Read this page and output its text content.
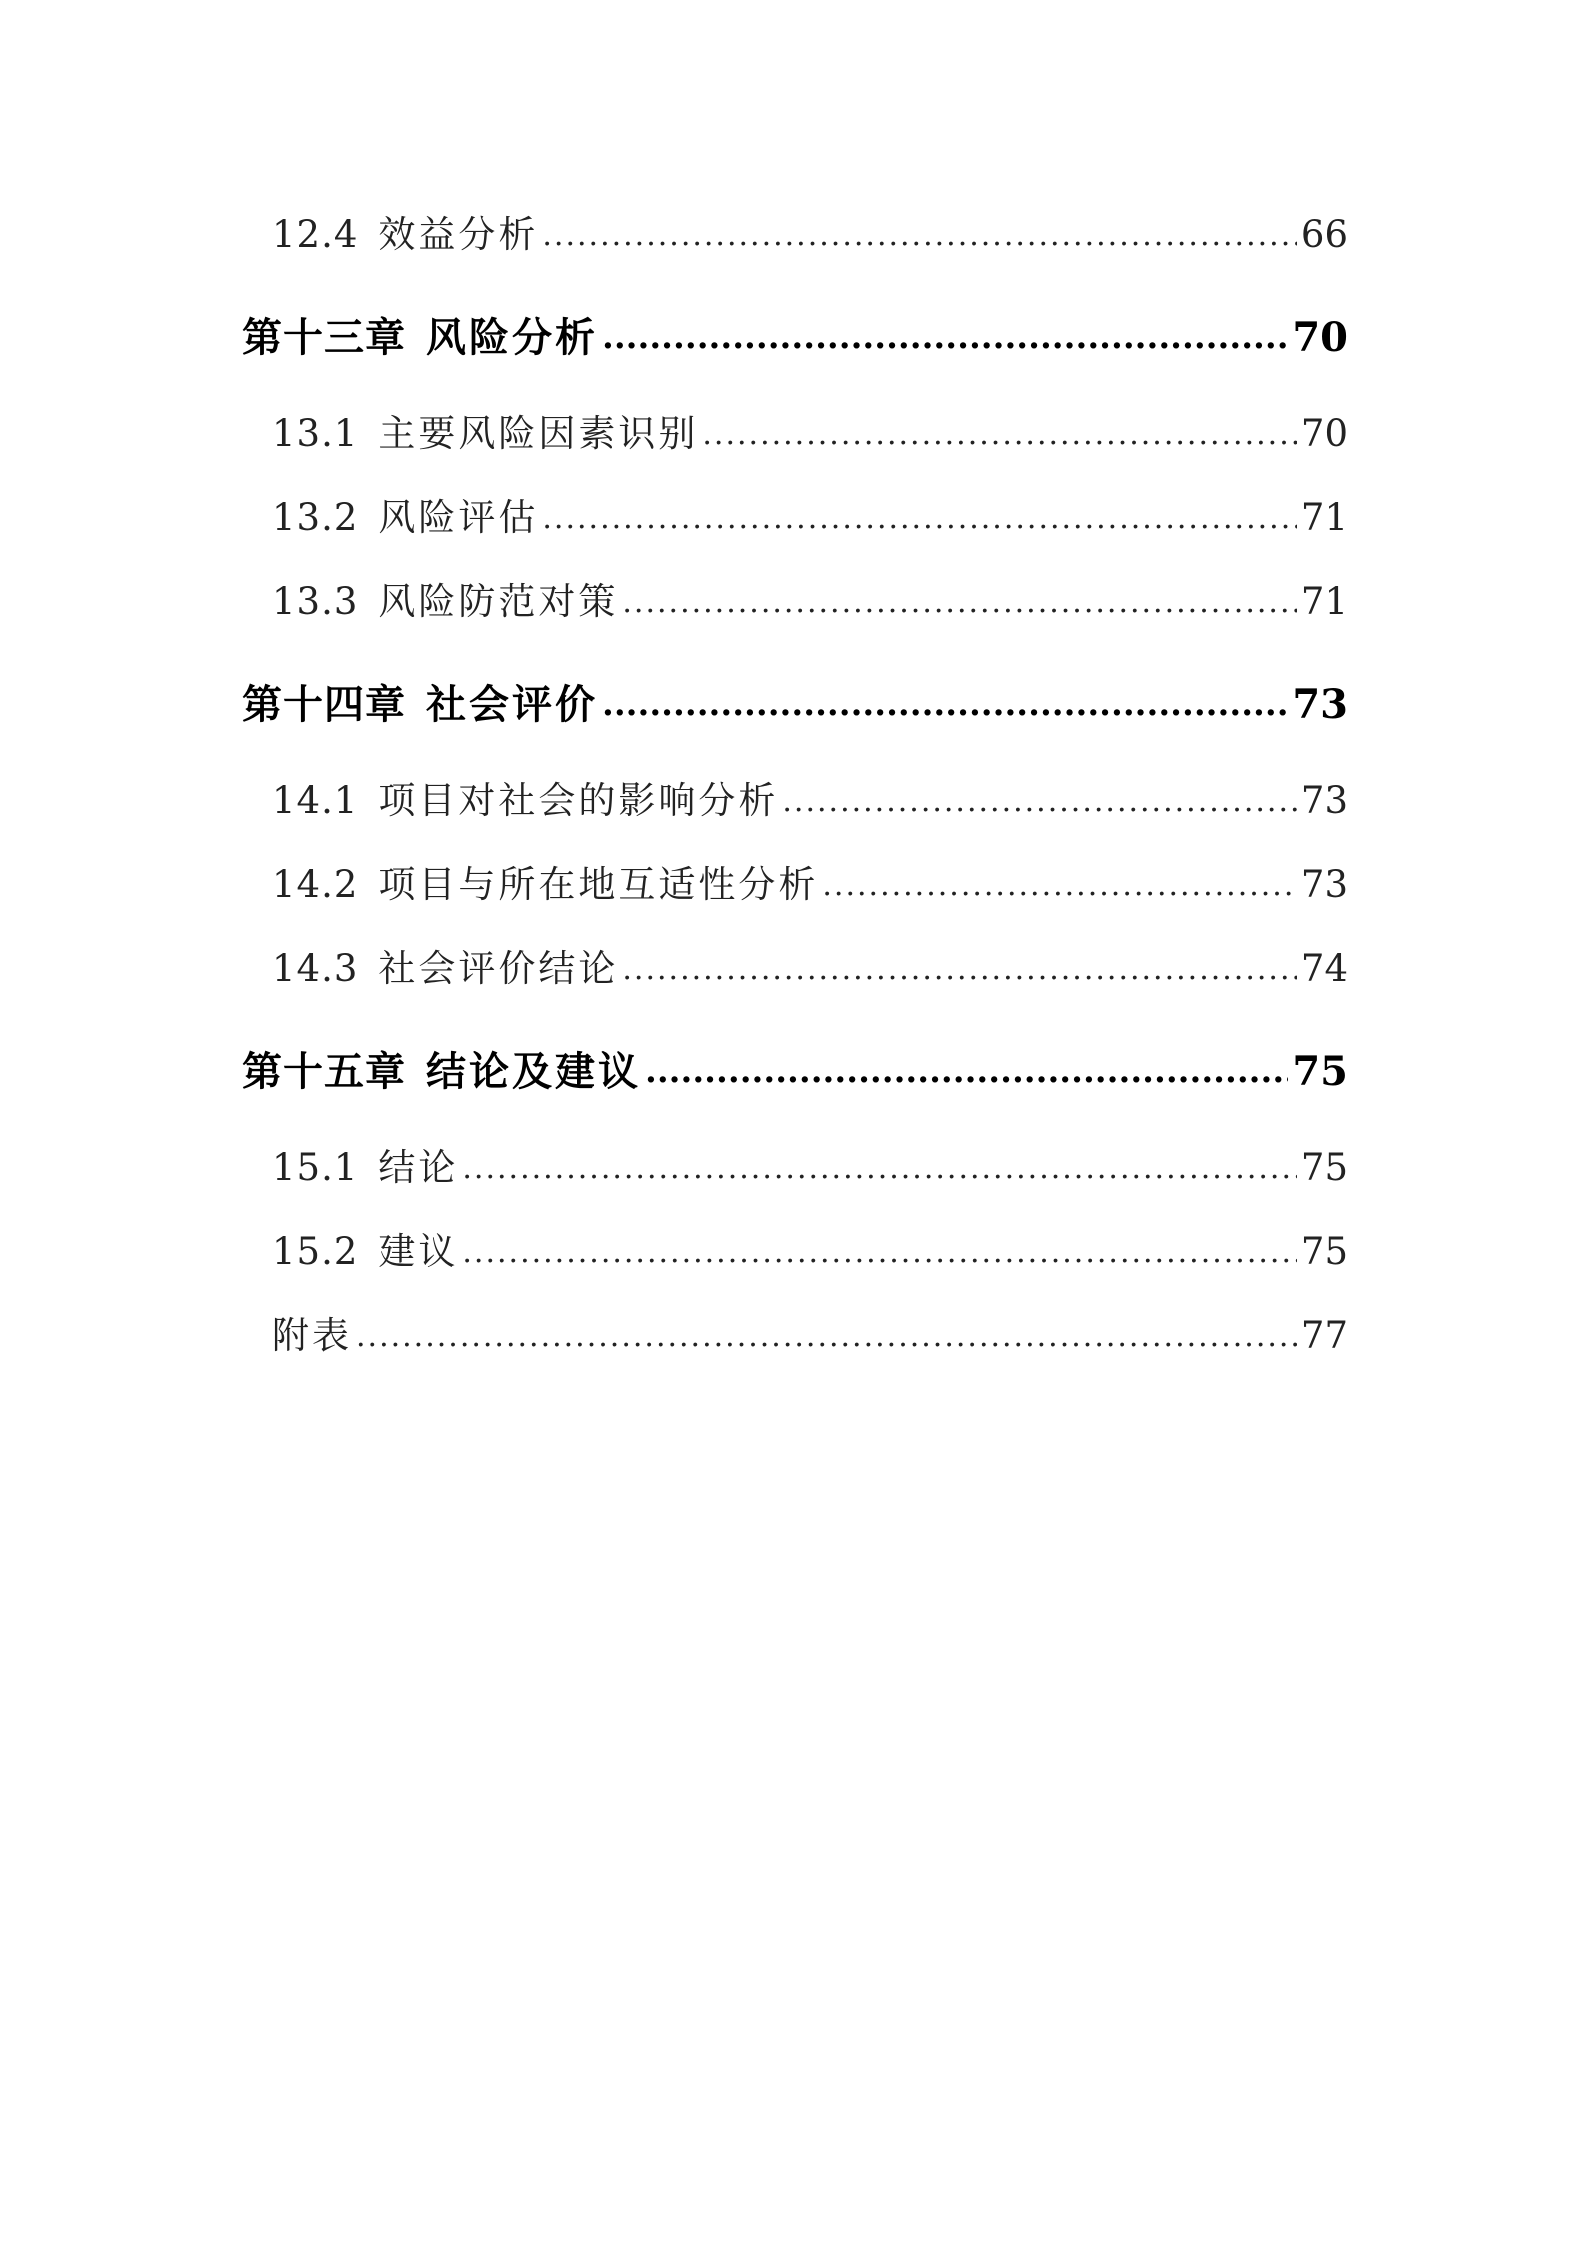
12.4 效益分析 .....	66
第十三章 风险分析 .....	70
13.1 主要风险因素识别 .....	70
13.2 风险评估 .....	71
13.3 风险防范对策 .....	71
第十四章 社会评价 .....	73
14.1 项目对社会的影响分析 .....	73
14.2 项目与所在地互适性分析 .....	73
14.3 社会评价结论 .....	74
第十五章 结论及建议 .....	75
15.1 结论 .....	75
15.2 建议 .....	75
附表 .....	77
